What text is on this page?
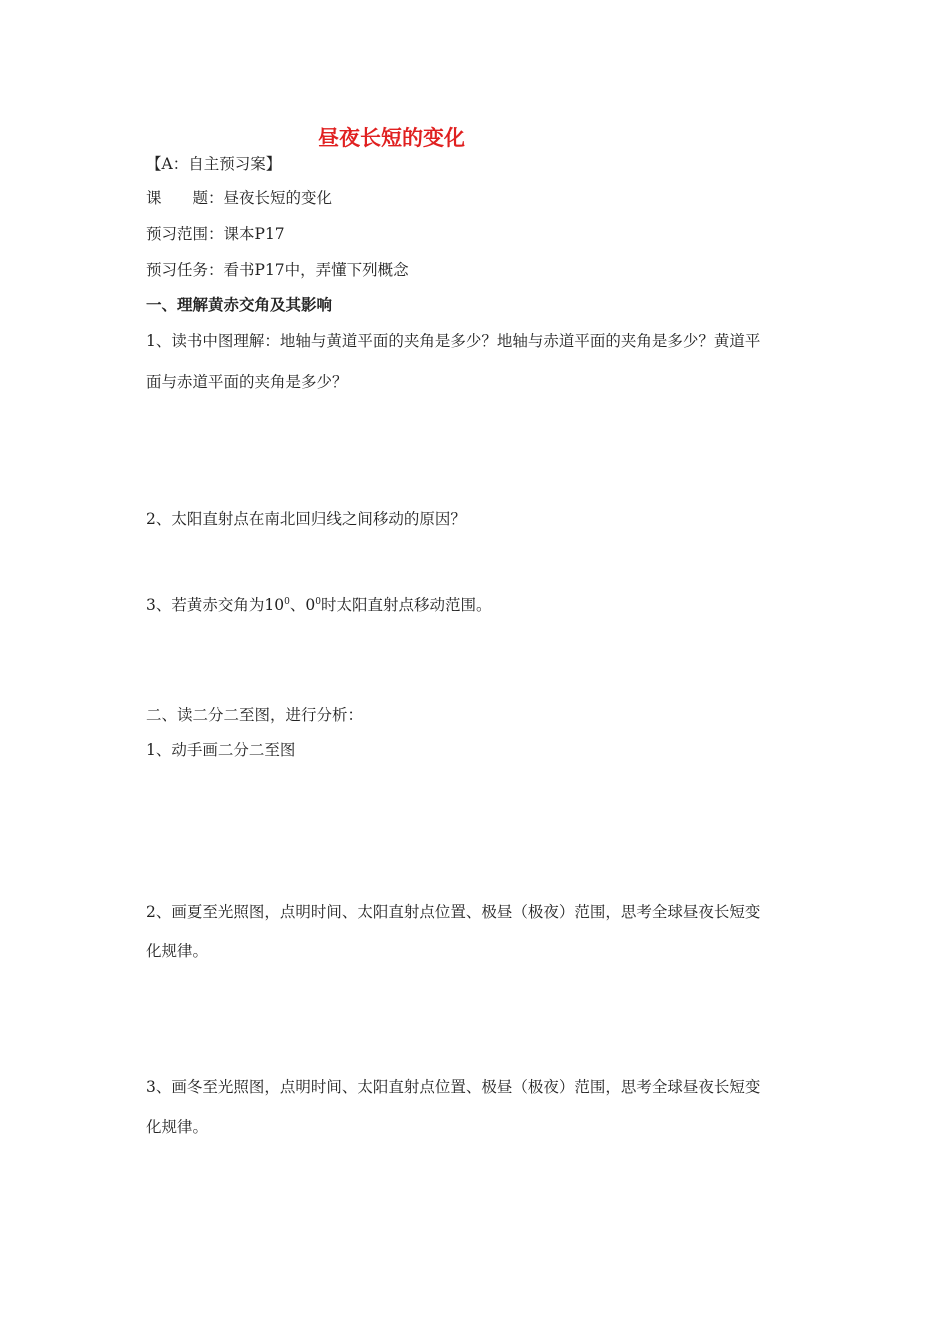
昼夜长短的变化
【A：自主预习案】
课　　题：昼夜长短的变化
预习范围：课本P17
预习任务：看书P17中，弄懂下列概念
一、理解黄赤交角及其影响
1、读书中图理解：地轴与黄道平面的夹角是多少？地轴与赤道平面的夹角是多少？黄道平
面与赤道平面的夹角是多少？
2、太阳直射点在南北回归线之间移动的原因？
3、若黄赤交角为$10^0$、$0^0$时太阳直射点移动范围。
二、读二分二至图，进行分析：
1、动手画二分二至图
2、画夏至光照图，点明时间、太阳直射点位置、极昼（极夜）范围，思考全球昼夜长短变
化规律。
3、画冬至光照图，点明时间、太阳直射点位置、极昼（极夜）范围，思考全球昼夜长短变
化规律。
